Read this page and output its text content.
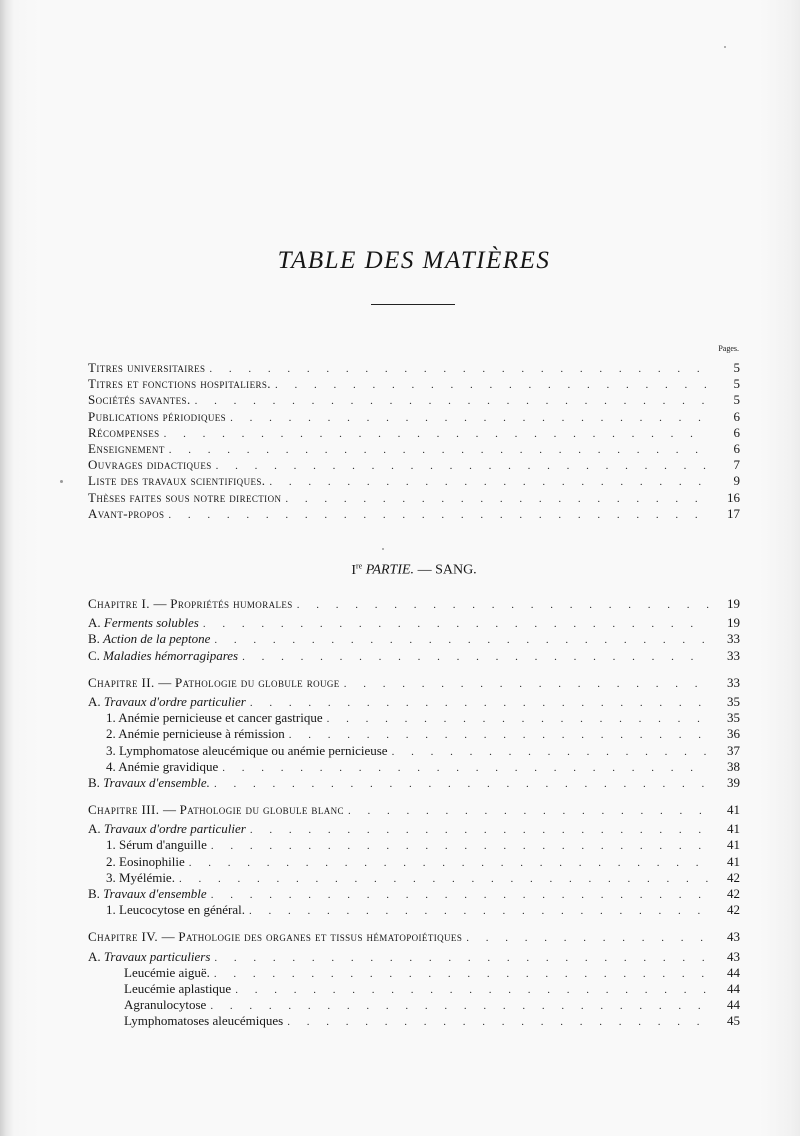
TABLE DES MATIÈRES
Pages.
Titres universitaires . . .	5
Titres et fonctions hospitaliers. . . .	5
Sociétés savantes. . . .	5
Publications périodiques . . .	6
Récompenses . . .	6
Enseignement . . .	6
Ouvrages didactiques . . .	7
Liste des travaux scientifiques. . . .	9
Thèses faites sous notre direction . . .	16
Avant-propos . . .	17
Ire PARTIE. — SANG.
Chapitre I. — Propriétés humorales . . .	19
A. Ferments solubles . . .	19
B. Action de la peptone . . .	33
C. Maladies hémorragipares . . .	33
Chapitre II. — Pathologie du globule rouge . . .	33
A. Travaux d'ordre particulier . . .	35
1. Anémie pernicieuse et cancer gastrique . . .	35
2. Anémie pernicieuse à rémission . . .	36
3. Lymphomatose aleucémique ou anémie pernicieuse . . .	37
4. Anémie gravidique . . .	38
B. Travaux d'ensemble. . . .	39
Chapitre III. — Pathologie du globule blanc . . .	41
A. Travaux d'ordre particulier . . .	41
1. Sérum d'anguille . . .	41
2. Eosinophilie . . .	41
3. Myélémie. . . .	42
B. Travaux d'ensemble . . .	42
1. Leucocytose en général. . . .	42
Chapitre IV. — Pathologie des organes et tissus hématopoiétiques . . .	43
A. Travaux particuliers . . .	43
Leucémie aiguë. . . .	44
Leucémie aplastique . . .	44
Agranulocytose . . .	44
Lymphomatoses aleucémiques . . .	45
